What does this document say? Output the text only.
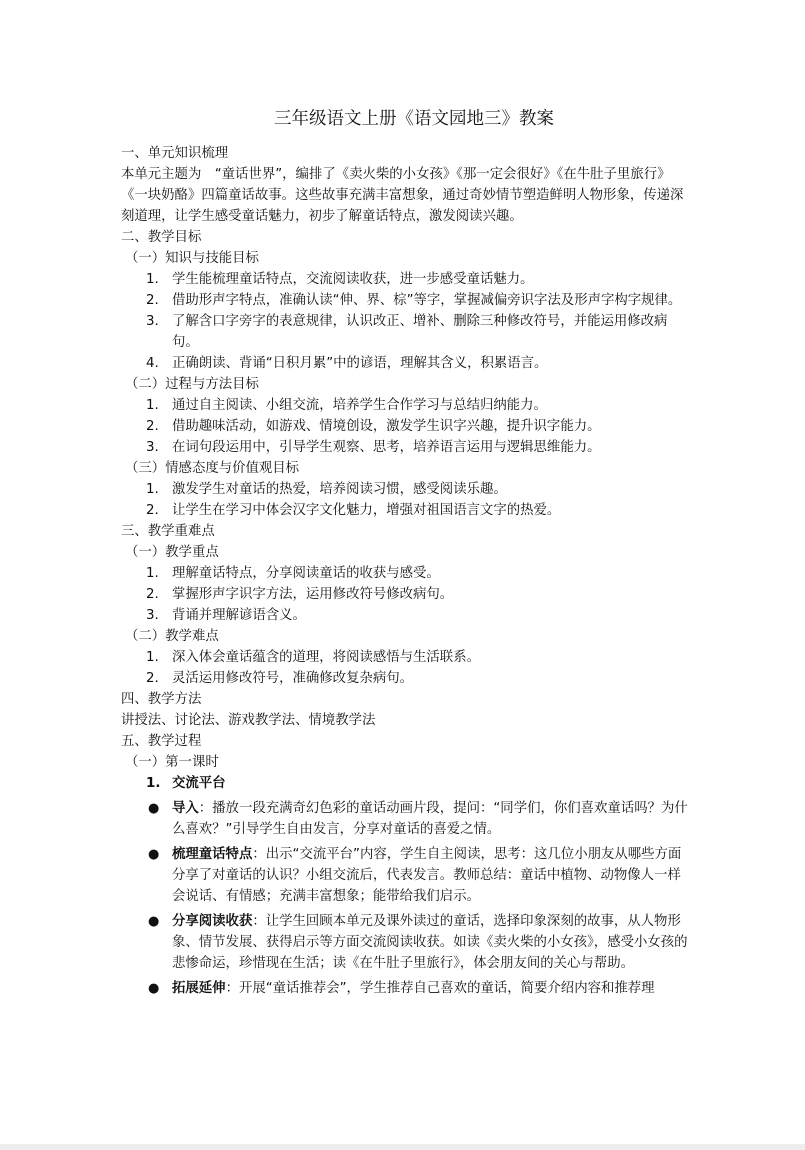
三年级语文上册《语文园地三》教案
一、单元知识梳理
本单元主题为　“童话世界”，编排了《卖火柴的小女孩》《那一定会很好》《在牛肚子里旅行》《一块奶酪》四篇童话故事。这些故事充满丰富想象，通过奇妙情节塑造鲜明人物形象，传递深刻道理，让学生感受童话魅力，初步了解童话特点，激发阅读兴趣。
二、教学目标
（一）知识与技能目标
1. 学生能梳理童话特点，交流阅读收获，进一步感受童话魅力。
2. 借助形声字特点，准确认读“伸、界、棕”等字，掌握减偏旁识字法及形声字构字规律。
3. 了解含口字旁字的表意规律，认识改正、增补、删除三种修改符号，并能运用修改病句。
4. 正确朗读、背诵“日积月累”中的谚语，理解其含义，积累语言。
（二）过程与方法目标
1. 通过自主阅读、小组交流，培养学生合作学习与总结归纳能力。
2. 借助趣味活动，如游戏、情境创设，激发学生识字兴趣，提升识字能力。
3. 在词句段运用中，引导学生观察、思考，培养语言运用与逻辑思维能力。
（三）情感态度与价值观目标
1. 激发学生对童话的热爱，培养阅读习惯，感受阅读乐趣。
2. 让学生在学习中体会汉字文化魅力，增强对祖国语言文字的热爱。
三、教学重难点
（一）教学重点
1. 理解童话特点，分享阅读童话的收获与感受。
2. 掌握形声字识字方法，运用修改符号修改病句。
3. 背诵并理解谚语含义。
（二）教学难点
1. 深入体会童话蕴含的道理，将阅读感悟与生活联系。
2. 灵活运用修改符号，准确修改复杂病句。
四、教学方法
讲授法、讨论法、游戏教学法、情境教学法
五、教学过程
（一）第一课时
1. 交流平台
● 导入：播放一段充满奇幻色彩的童话动画片段，提问：“同学们，你们喜欢童话吗？为什么喜欢？”引导学生自由发言，分享对童话的喜爱之情。
● 梳理童话特点：出示“交流平台”内容，学生自主阅读，思考：这几位小朋友从哪些方面分享了对童话的认识？小组交流后，代表发言。教师总结：童话中植物、动物像人一样会说话、有情感；充满丰富想象；能带给我们启示。
● 分享阅读收获：让学生回顾本单元及课外读过的童话，选择印象深刻的故事，从人物形象、情节发展、获得启示等方面交流阅读收获。如读《卖火柴的小女孩》，感受小女孩的悲惨命运，珍惜现在生活；读《在牛肚子里旅行》，体会朋友间的关心与帮助。
● 拓展延伸：开展“童话推荐会”，学生推荐自己喜欢的童话，简要介绍内容和推荐理
